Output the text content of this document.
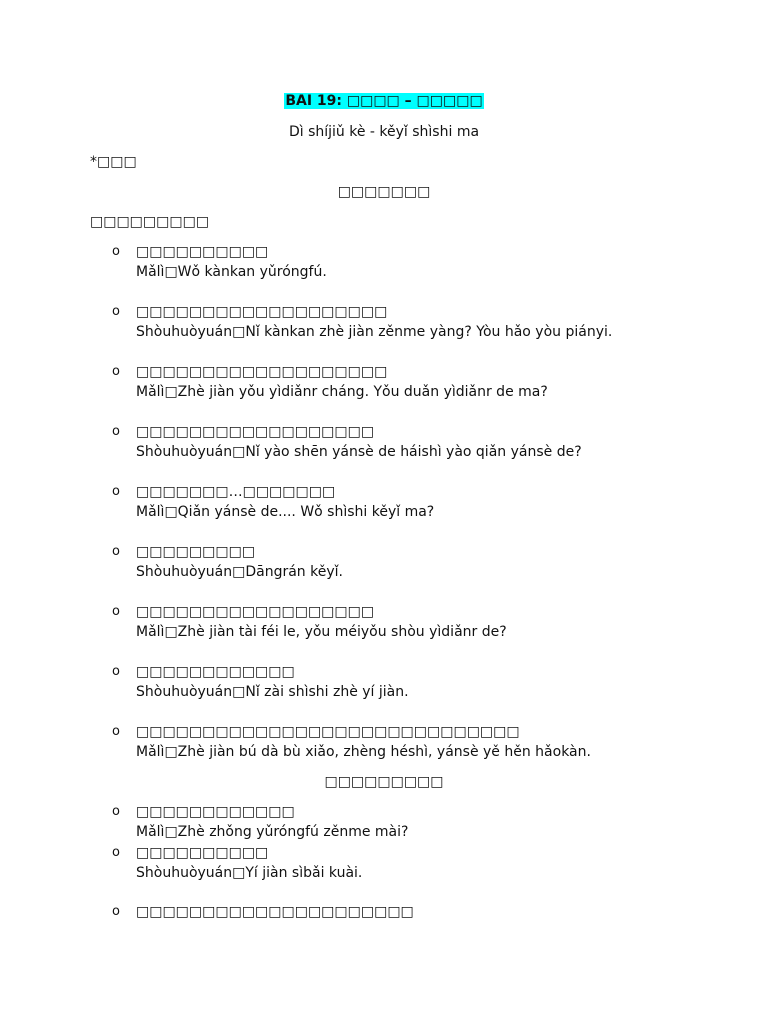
BAI 19: □□□□ – □□□□□
Dì shíjiǔ kè - kěyǐ shìshi ma
*□□□
□□□□□□□
□□□□□□□□□
o	□□□□□□□□□□
Mǎlì□Wǒ kànkan yǔróngfú.
o	□□□□□□□□□□□□□□□□□□□
Shòuhuòyuán□Nǐ kànkan zhè jiàn zěnme yàng? Yòu hǎo yòu piányi.
o	□□□□□□□□□□□□□□□□□□□
Mǎlì□Zhè jiàn yǒu yìdiǎnr cháng. Yǒu duǎn yìdiǎnr de ma?
o	□□□□□□□□□□□□□□□□□□
Shòuhuòyuán□Nǐ yào shēn yánsè de háishì yào qiǎn yánsè de?
o	□□□□□□□…□□□□□□□
Mǎlì□Qiǎn yánsè de.... Wǒ shìshi kěyǐ ma?
o	□□□□□□□□□
Shòuhuòyuán□Dāngrán kěyǐ.
o	□□□□□□□□□□□□□□□□□□
Mǎlì□Zhè jiàn tài féi le, yǒu méiyǒu shòu yìdiǎnr de?
o	□□□□□□□□□□□□
Shòuhuòyuán□Nǐ zài shìshi zhè yí jiàn.
o	□□□□□□□□□□□□□□□□□□□□□□□□□□□□□
Mǎlì□Zhè jiàn bú dà bù xiǎo, zhèng héshì, yánsè yě hěn hǎokàn.
□□□□□□□□□
o	□□□□□□□□□□□□
Mǎlì□Zhè zhǒng yǔróngfú zěnme mài?
o	□□□□□□□□□□
Shòuhuòyuán□Yí jiàn sìbǎi kuài.
o	□□□□□□□□□□□□□□□□□□□□□
